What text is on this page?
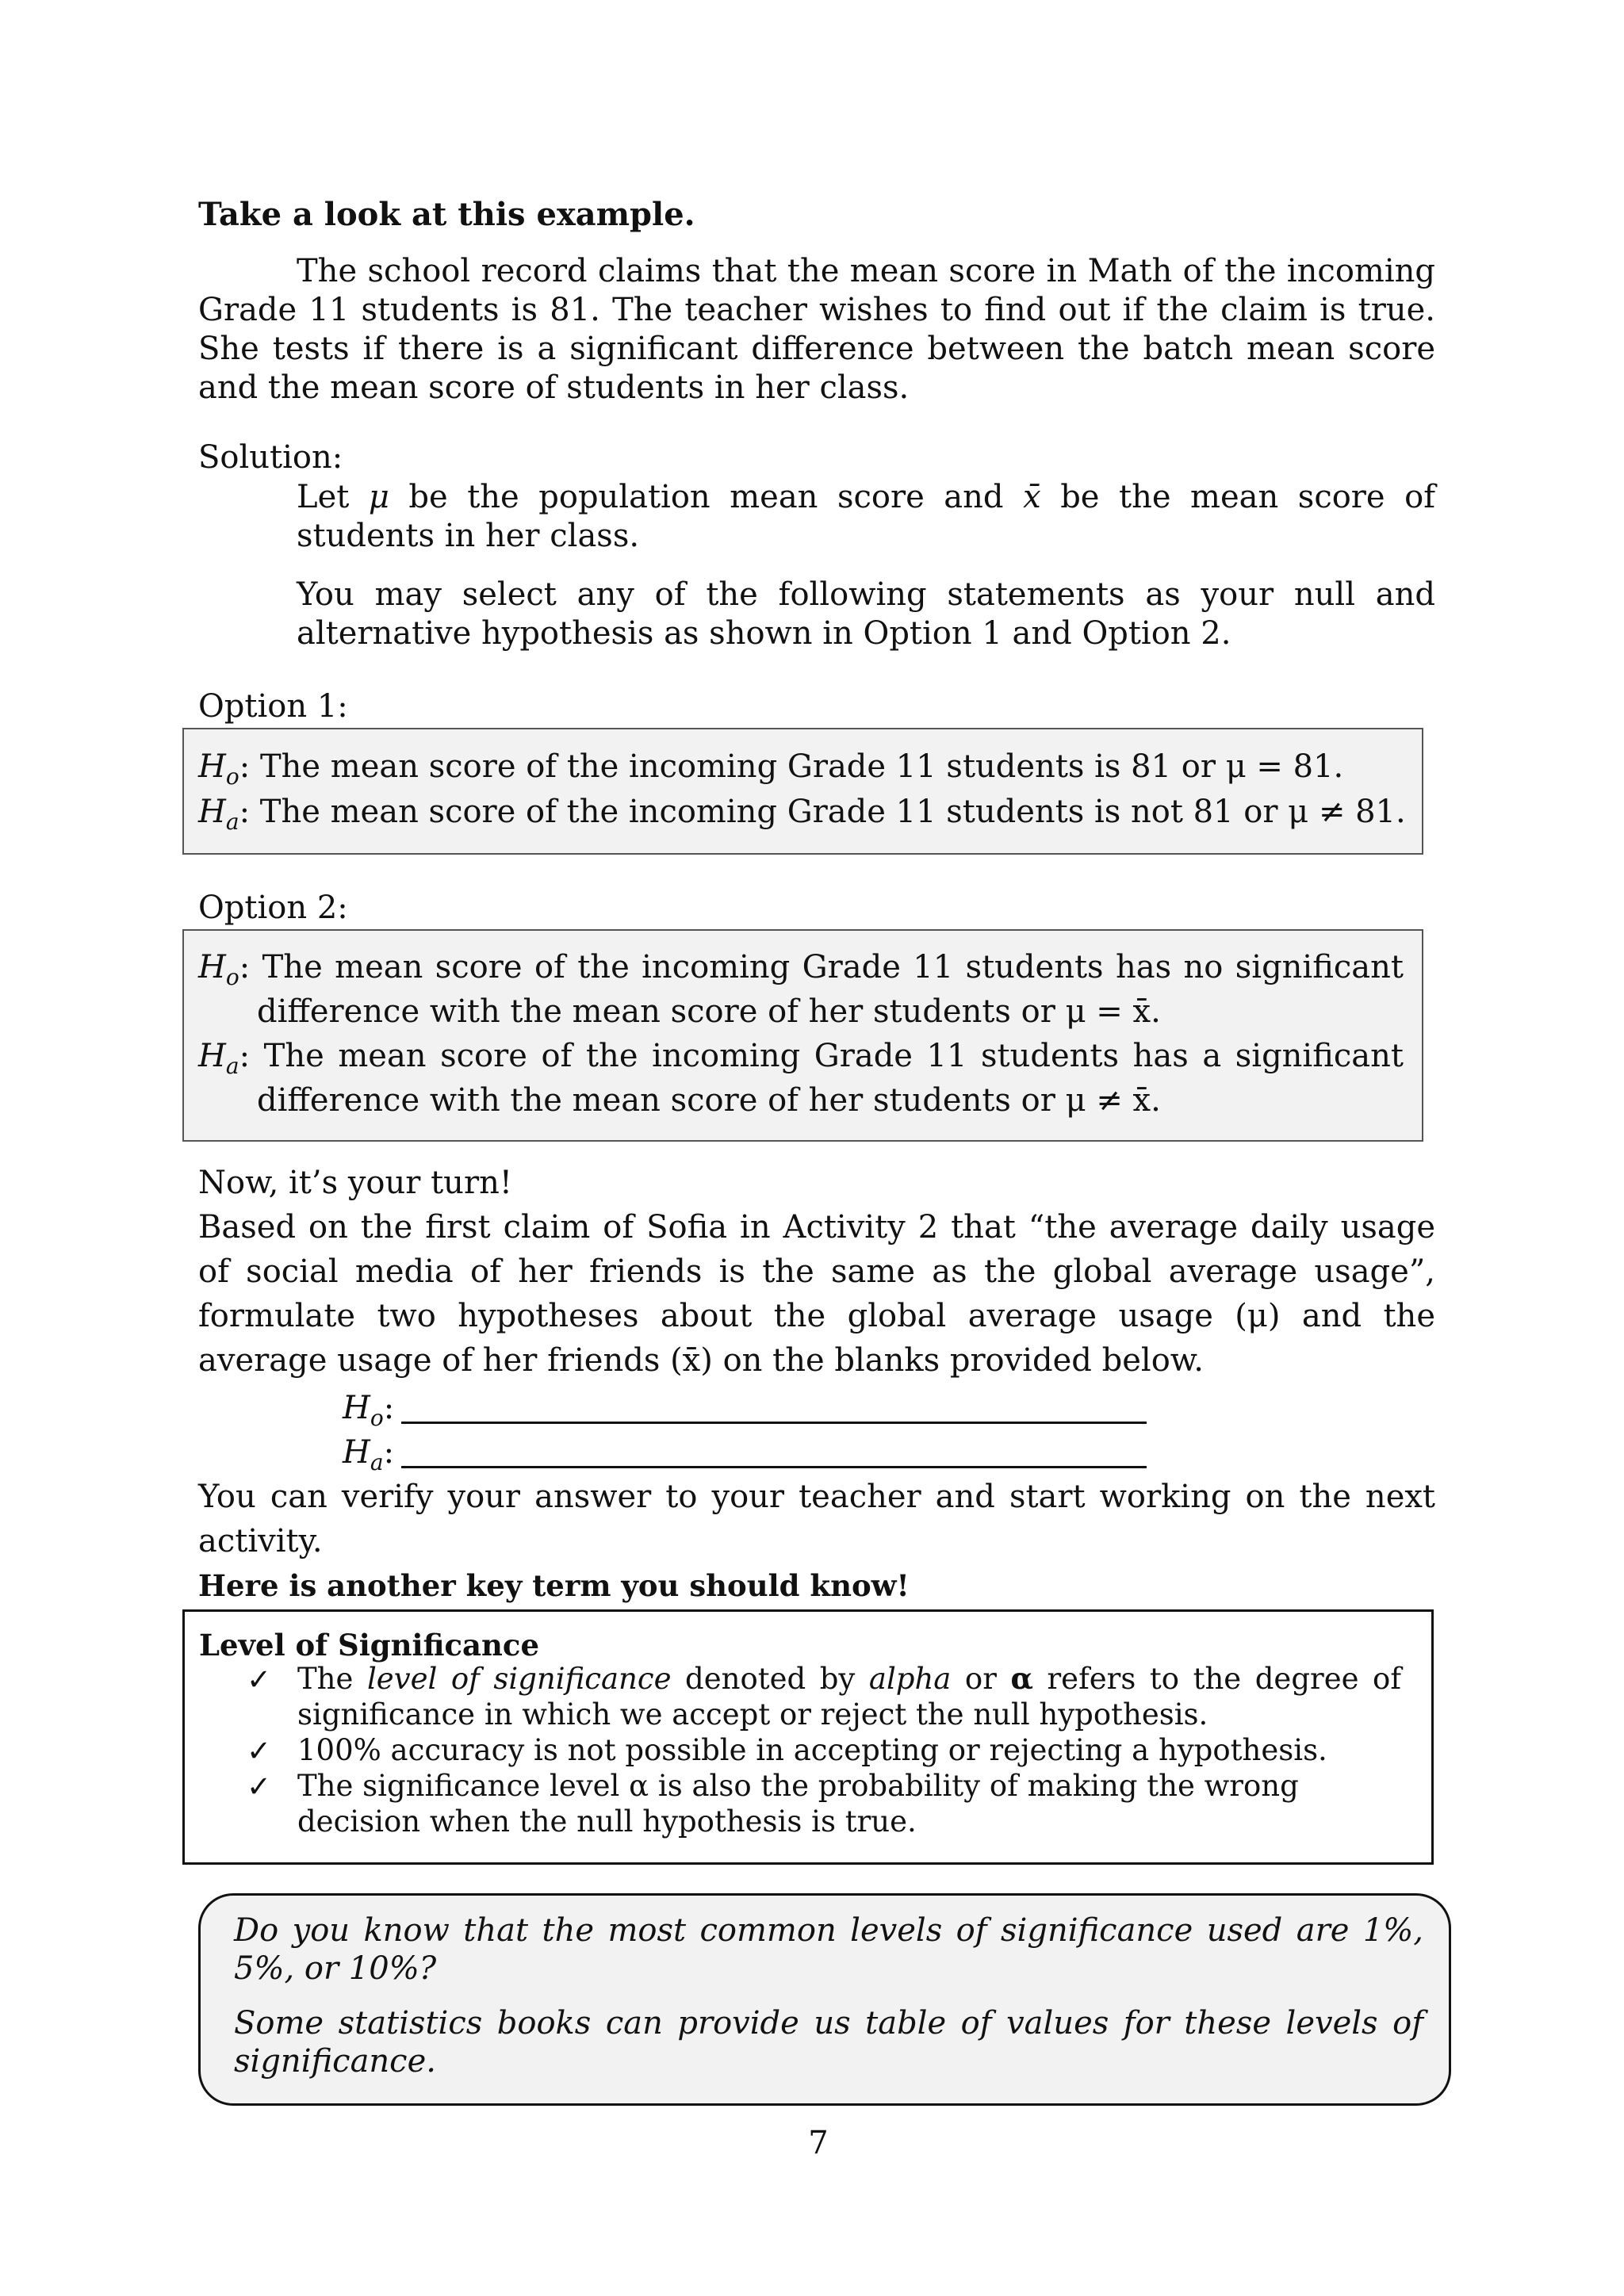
Take a look at this example.

The school record claims that the mean score in Math of the incoming Grade 11 students is 81. The teacher wishes to find out if the claim is true. She tests if there is a significant difference between the batch mean score and the mean score of students in her class.

Solution:

Let μ be the population mean score and x̄ be the mean score of students in her class.

You may select any of the following statements as your null and alternative hypothesis as shown in Option 1 and Option 2.

Option 1:

$H_o$: The mean score of the incoming Grade 11 students is 81 or μ = 81.

$H_a$: The mean score of the incoming Grade 11 students is not 81 or μ ≠ 81.

Option 2:

$H_o$: The mean score of the incoming Grade 11 students has no significant

difference with the mean score of her students or μ = x̄.

$H_a$: The mean score of the incoming Grade 11 students has a significant

difference with the mean score of her students or μ ≠ x̄.

Now, it’s your turn!

Based on the first claim of Sofia in Activity 2 that “the average daily usage of social media of her friends is the same as the global average usage”, formulate two hypotheses about the global average usage (μ) and the average usage of her friends (x̄) on the blanks provided below.

$H_o$:

$H_a$:

You can verify your answer to your teacher and start working on the next activity.

Here is another key term you should know!

Level of Significance

✓ The level of significance denoted by alpha or α refers to the degree of significance in which we accept or reject the null hypothesis.

✓ 100% accuracy is not possible in accepting or rejecting a hypothesis.

✓ The significance level α is also the probability of making the wrong decision when the null hypothesis is true.

Do you know that the most common levels of significance used are 1%, 5%, or 10%?

Some statistics books can provide us table of values for these levels of significance.

7
